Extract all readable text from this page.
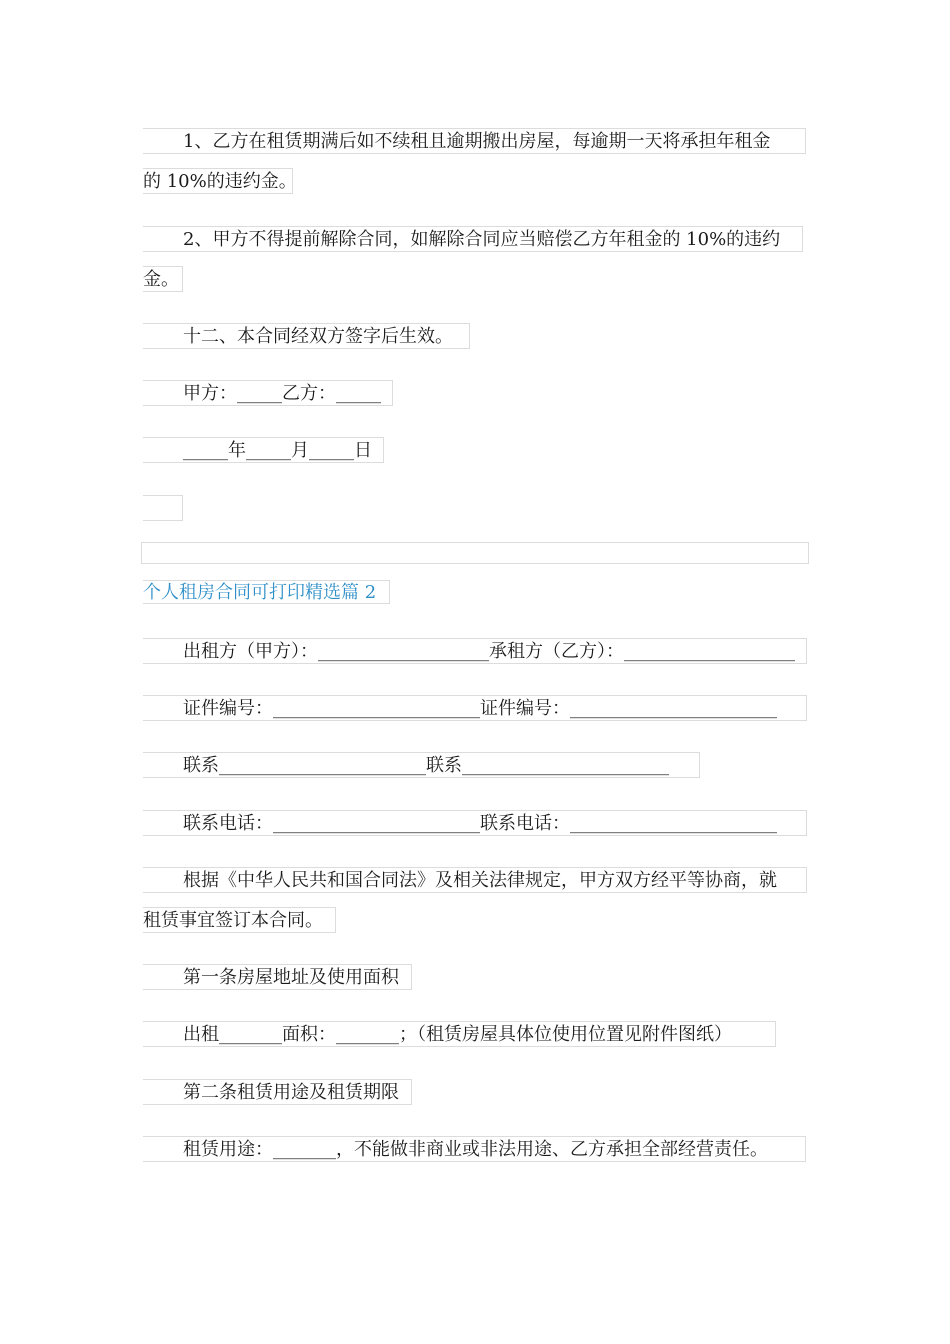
1、乙方在租赁期满后如不续租且逾期搬出房屋，每逾期一天将承担年租金
的 10%的违约金。
2、甲方不得提前解除合同，如解除合同应当赔偿乙方年租金的 10%的违约
金。
十二、本合同经双方签字后生效。
甲方：_____乙方：_____
_____年_____月_____日
个人租房合同可打印精选篇 2
出租方（甲方）：___________________承租方（乙方）：___________________
证件编号：_______________________证件编号：_______________________
联系_______________________联系_______________________
联系电话：_______________________联系电话：_______________________
根据《中华人民共和国合同法》及相关法律规定，甲方双方经平等协商，就
租赁事宜签订本合同。
第一条房屋地址及使用面积
出租_______面积：_______；（租赁房屋具体位使用位置见附件图纸）
第二条租赁用途及租赁期限
租赁用途：_______，不能做非商业或非法用途、乙方承担全部经营责任。
